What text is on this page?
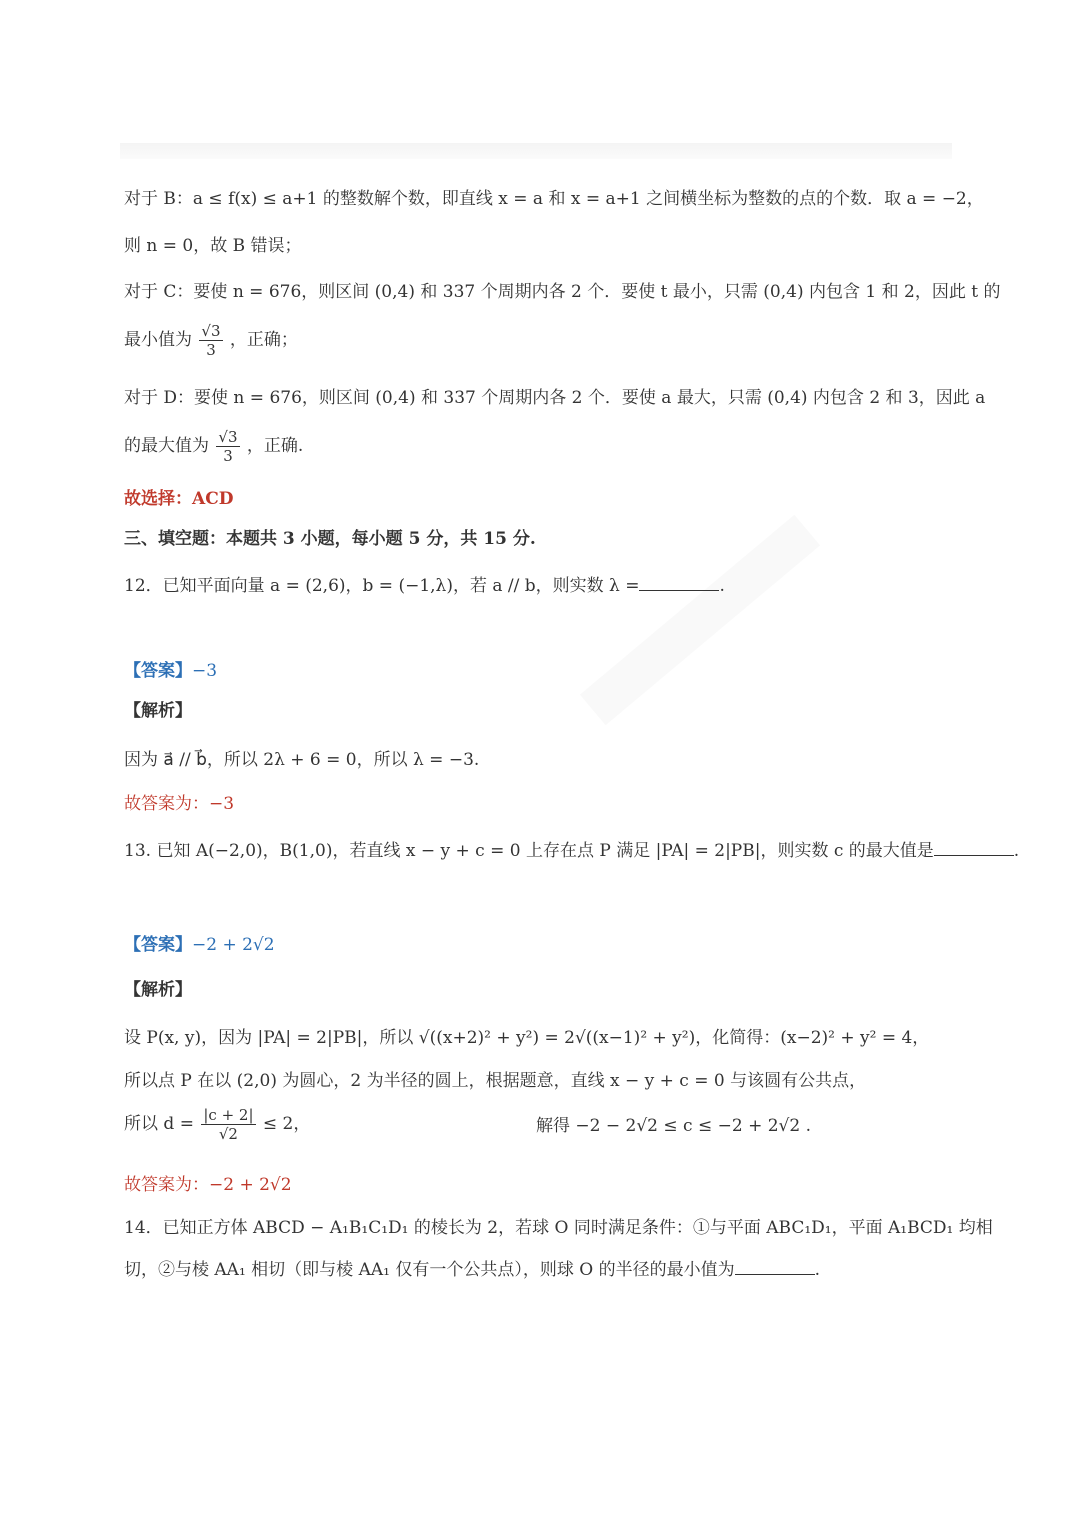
对于 B：a ≤ f(x) ≤ a+1 的整数解个数，即直线 x = a 和 x = a+1 之间横坐标为整数的点的个数．取 a = −2，
则 n = 0，故 B 错误；
对于 C：要使 n = 676，则区间 (0,4) 和 337 个周期内各 2 个．要使 t 最小，只需 (0,4) 内包含 1 和 2，因此 t 的
最小值为 $\frac{√3}{3}$ ，正确；
对于 D：要使 n = 676，则区间 (0,4) 和 337 个周期内各 2 个．要使 a 最大，只需 (0,4) 内包含 2 和 3，因此 a
的最大值为 $\frac{√3}{3}$ ，正确.
故选择：ACD
三、填空题：本题共 3 小题，每小题 5 分，共 15 分.
12．已知平面向量 a = (2,6)，b = (−1,λ)，若 a // b，则实数 λ =	.
【答案】−3
【解析】
因为 a⃗ // b⃗，所以 2λ + 6 = 0，所以 λ = −3.
故答案为：−3
13. 已知 A(−2,0)，B(1,0)，若直线 x − y + c = 0 上存在点 P 满足 |PA| = 2|PB|，则实数 c 的最大值是	.
【答案】−2 + 2√2
【解析】
设 P(x, y)，因为 |PA| = 2|PB|，所以 √((x+2)² + y²) = 2√((x−1)² + y²)，化简得：(x−2)² + y² = 4，
所以点 P 在以 (2,0) 为圆心，2 为半径的圆上，根据题意，直线 x − y + c = 0 与该圆有公共点，
所以 $d = \frac{|c + 2|}{√2} \le 2$，	解得 −2 − 2√2 ≤ c ≤ −2 + 2√2 .
故答案为：−2 + 2√2
14．已知正方体 ABCD − A₁B₁C₁D₁ 的棱长为 2，若球 O 同时满足条件：①与平面 ABC₁D₁，平面 A₁BCD₁ 均相
切，②与棱 AA₁ 相切（即与棱 AA₁ 仅有一个公共点），则球 O 的半径的最小值为	.
